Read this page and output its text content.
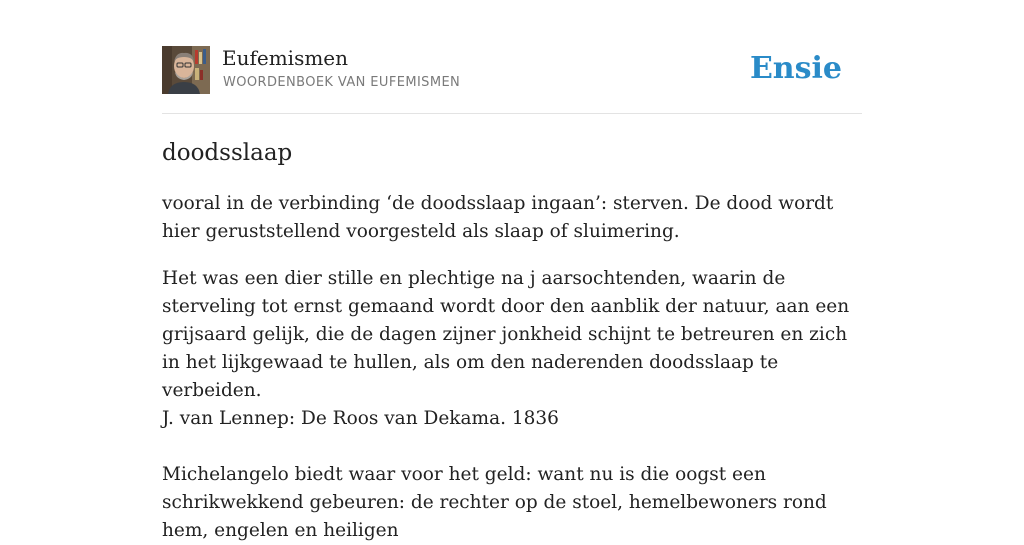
Eufemismen
WOORDENBOEK VAN EUFEMISMEN	Ensie
doodsslaap

vooral in de verbinding ‘de doodsslaap ingaan’: sterven. De dood wordt hier geruststellend voorgesteld als slaap of sluimering.

Het was een dier stille en plechtige na j aarsochtenden, waarin de sterveling tot ernst gemaand wordt door den aanblik der natuur, aan een grijsaard gelijk, die de dagen zijner jonkheid schijnt te betreuren en zich in het lijkgewaad te hullen, als om den naderenden doodsslaap te verbeiden.

J. van Lennep: De Roos van Dekama. 1836

Michelangelo biedt waar voor het geld: want nu is die oogst een schrikwekkend gebeuren: de rechter op de stoel, hemelbewoners rond hem, engelen en heiligen
